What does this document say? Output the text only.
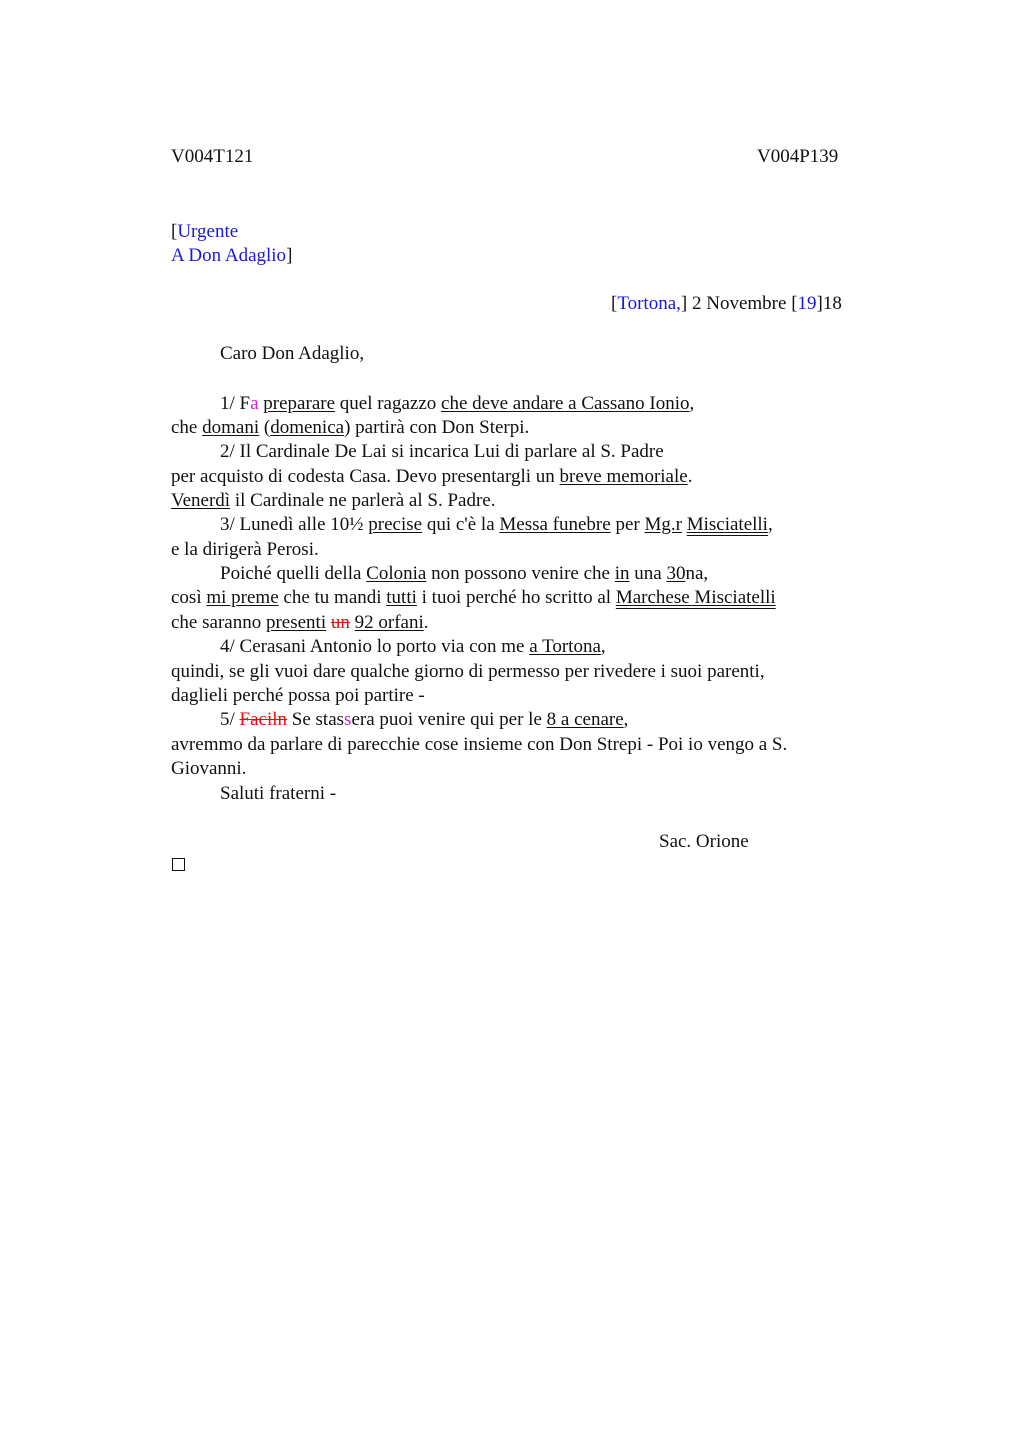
V004T121	V004P139
[Urgente
A Don Adaglio]
[Tortona,] 2 Novembre [19]18
Caro Don Adaglio,
1/ Fa preparare quel ragazzo che deve andare a Cassano Ionio,
che domani (domenica) partirà con Don Sterpi.
2/ Il Cardinale De Lai si incarica Lui di parlare al S. Padre
per acquisto di codesta Casa. Devo presentargli un breve memoriale.
Venerdì il Cardinale ne parlerà al S. Padre.
3/ Lunedì alle 10½ precise qui c'è la Messa funebre per Mg.r Misciatelli,
e la dirigerà Perosi.
Poiché quelli della Colonia non possono venire che in una 30na,
così mi preme che tu mandi tutti i tuoi perché ho scritto al Marchese Misciatelli
che saranno presenti un 92 orfani.
4/ Cerasani Antonio lo porto via con me a Tortona,
quindi, se gli vuoi dare qualche giorno di permesso per rivedere i suoi parenti,
daglieli perché possa poi partire -
5/ Faciln Se stassera puoi venire qui per le 8 a cenare,
avremmo da parlare di parecchie cose insieme con Don Strepi - Poi io vengo a S.
Giovanni.
Saluti fraterni -
Sac. Orione
